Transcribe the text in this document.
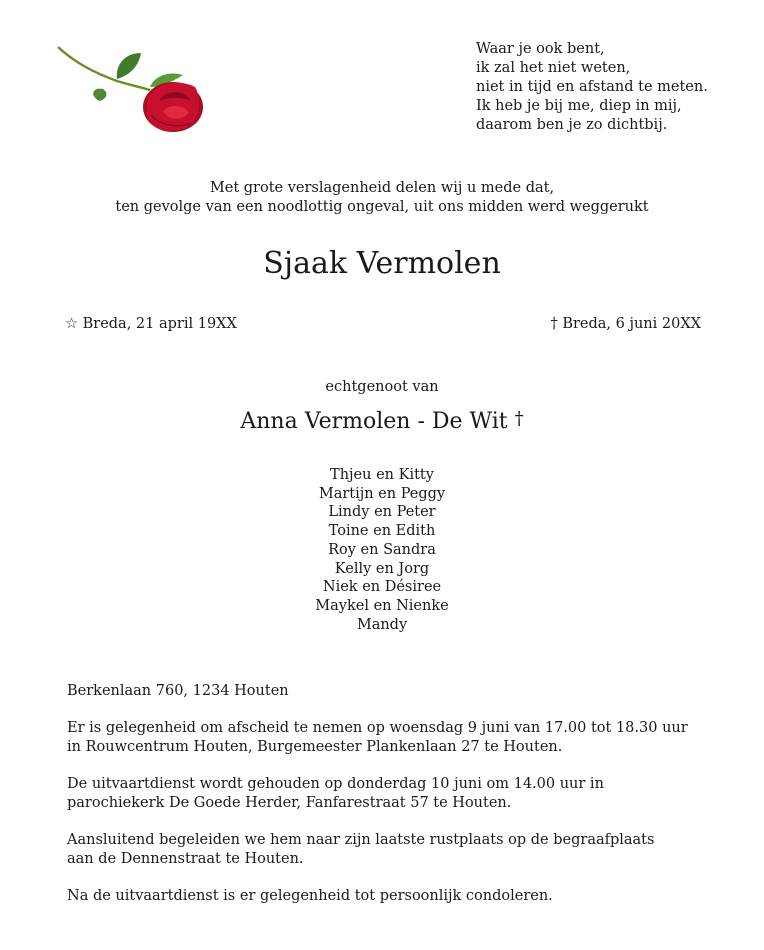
Waar je ook bent,
ik zal het niet weten,
niet in tijd en afstand te meten.
Ik heb je bij me, diep in mij,
daarom ben je zo dichtbij.
Met grote verslagenheid delen wij u mede dat,
ten gevolge van een noodlottig ongeval, uit ons midden werd weggerukt
Sjaak Vermolen
☆ Breda, 21 april 19XX	† Breda, 6 juni 20XX
echtgenoot van
Anna Vermolen - De Wit †
Thjeu en Kitty
Martijn en Peggy
Lindy en Peter
Toine en Edith
Roy en Sandra
Kelly en Jorg
Niek en Désiree
Maykel en Nienke
Mandy
Berkenlaan 760, 1234 Houten
Er is gelegenheid om afscheid te nemen op woensdag 9 juni van 17.00 tot 18.30 uur
in Rouwcentrum Houten, Burgemeester Plankenlaan 27 te Houten.
De uitvaartdienst wordt gehouden op donderdag 10 juni om 14.00 uur in
parochiekerk De Goede Herder, Fanfarestraat 57 te Houten.
Aansluitend begeleiden we hem naar zijn laatste rustplaats op de begraafplaats
aan de Dennenstraat te Houten.
Na de uitvaartdienst is er gelegenheid tot persoonlijk condoleren.
